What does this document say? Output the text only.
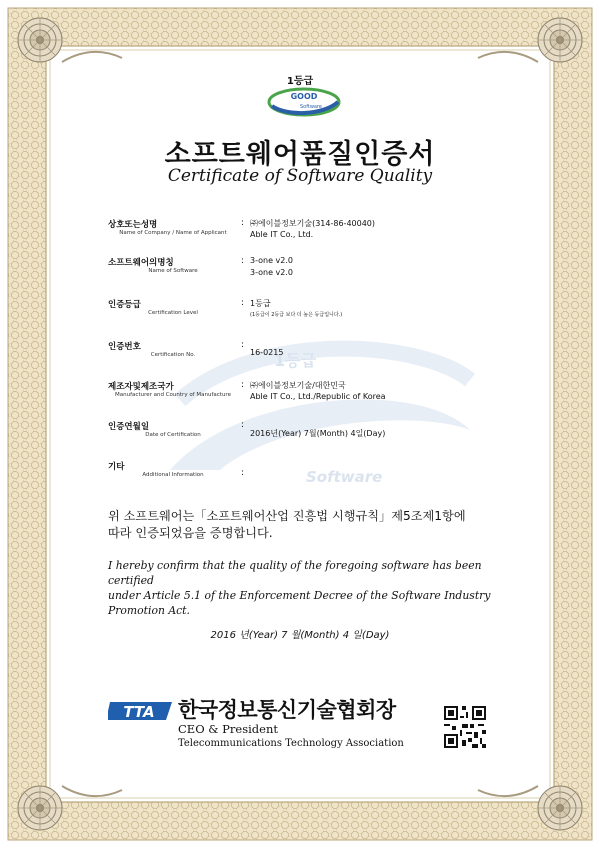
1등급
Software
1등급
GOOD
Software
소프트웨어품질인증서
Certificate of Software Quality
상호또는성명
Name of Company / Name of Applicant
: ㈜에이블정보기술(314-86-40040)
Able IT Co., Ltd.
소프트웨어의명칭
Name of Software
: 3-one v2.0
3-one v2.0
인증등급
Certification Level
: 1등급
(1등급이 2등급 보다 더 높은 등급입니다.)
인증번호
Certification No.
:
16-0215
제조자및제조국가
Manufacturer and Country of Manufacture
: ㈜에이블정보기술/대한민국
Able IT Co., Ltd./Republic of Korea
인증연월일
Date of Certification
:
2016년(Year) 7월(Month) 4일(Day)
기타
Additional Information	:
위 소프트웨어는「소프트웨어산업 진흥법 시행규칙」제5조제1항에
따라 인증되었음을 증명합니다.
I hereby confirm that the quality of the foregoing software has been certified
under Article 5.1 of the Enforcement Decree of the Software Industry
Promotion Act.
2016 년(Year) 7 월(Month) 4 일(Day)
TTA 한국정보통신기술협회장
CEO & President
Telecommunications Technology Association
